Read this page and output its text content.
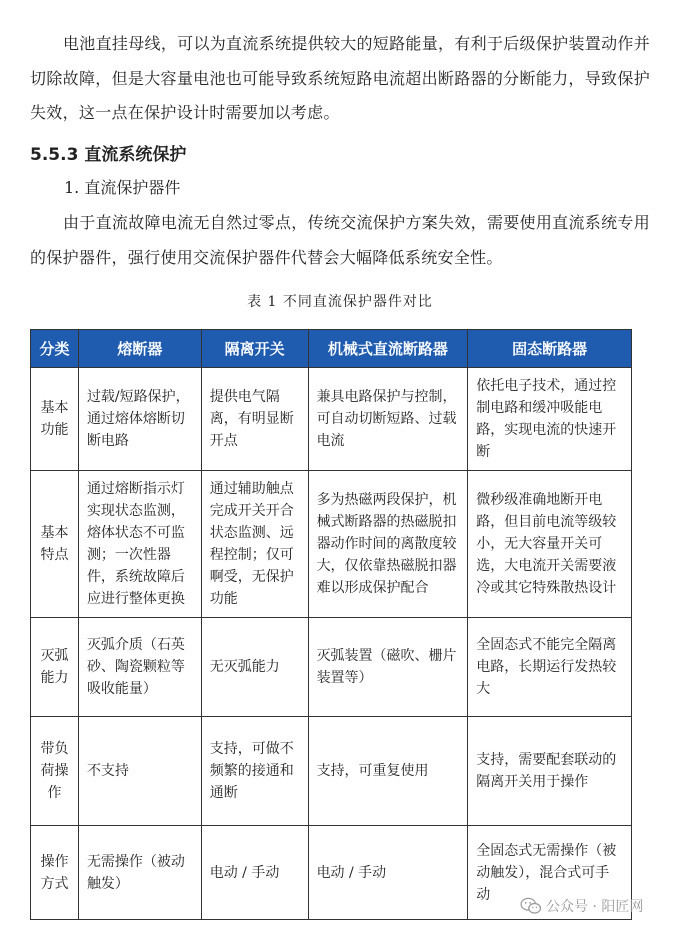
电池直挂母线，可以为直流系统提供较大的短路能量，有利于后级保护装置动作并切除故障，但是大容量电池也可能导致系统短路电流超出断路器的分断能力，导致保护失效，这一点在保护设计时需要加以考虑。

5.5.3 直流系统保护

1. 直流保护器件

由于直流故障电流无自然过零点，传统交流保护方案失效，需要使用直流系统专用的保护器件，强行使用交流保护器件代替会大幅降低系统安全性。

表 1 不同直流保护器件对比

分类	熔断器	隔离开关	机械式直流断路器	固态断路器
基本功能	过载/短路保护，通过熔体熔断切断电路	提供电气隔离，有明显断开点	兼具电路保护与控制，可自动切断短路、过载电流	依托电子技术，通过控制电路和缓冲吸能电路，实现电流的快速开断
基本特点	通过熔断指示灯实现状态监测，熔体状态不可监测；一次性器件，系统故障后应进行整体更换	通过辅助触点完成开关开合状态监测、远程控制；仅可啊受，无保护功能	多为热磁两段保护，机械式断路器的热磁脱扣器动作时间的离散度较大，仅依靠热磁脱扣器难以形成保护配合	微秒级准确地断开电路，但目前电流等级较小，无大容量开关可选，大电流开关需要液冷或其它特殊散热设计
灭弧能力	灭弧介质（石英砂、陶瓷颗粒等吸收能量）	无灭弧能力	灭弧装置（磁吹、栅片装置等）	全固态式不能完全隔离电路，长期运行发热较大
带负荷操作	不支持	支持，可做不频繁的接通和通断	支持，可重复使用	支持，需要配套联动的隔离开关用于操作
操作方式	无需操作（被动触发）	电动 / 手动	电动 / 手动	全固态式无需操作（被动触发），混合式可手动
公众号 · 阳匠网
